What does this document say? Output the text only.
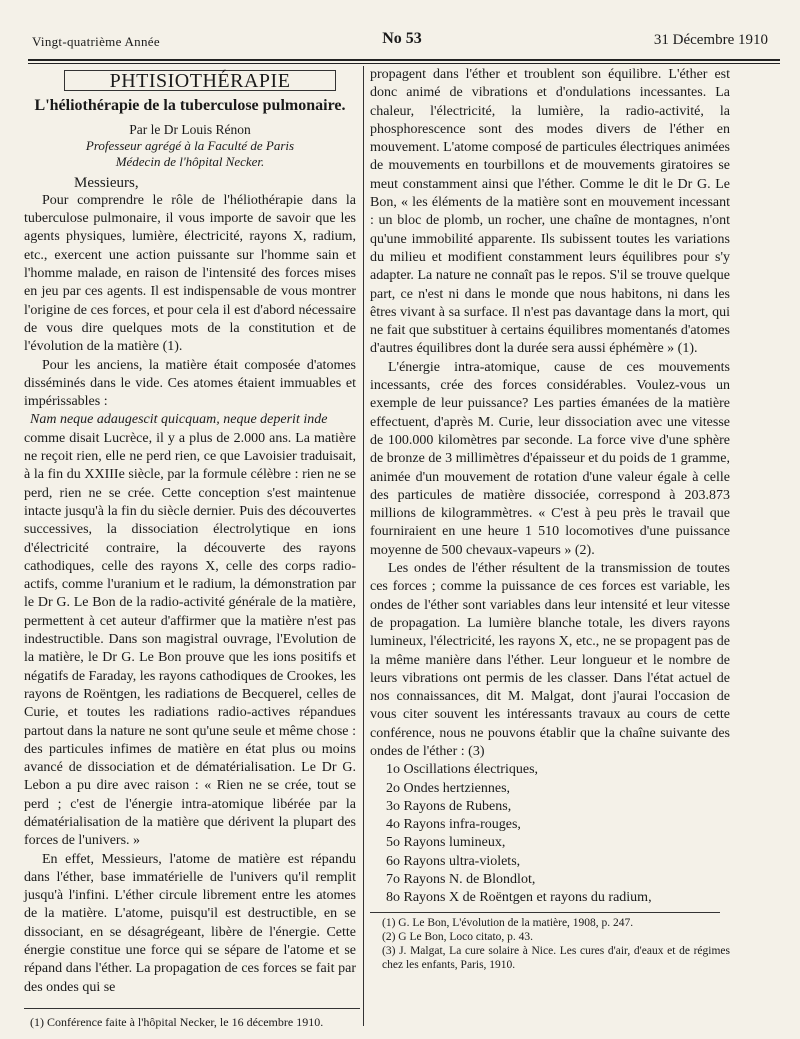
Vingt-quatrième Année	No 53	31 Décembre 1910
PHTISIOTHÉRAPIE
L'héliothérapie de la tuberculose pulmonaire.

Par le Dr Louis Rénon

Professeur agrégé à la Faculté de Paris

Médecin de l'hôpital Necker.

Messieurs,

Pour comprendre le rôle de l'héliothérapie dans la tuberculose pulmonaire, il vous importe de savoir que les agents physiques, lumière, électricité, rayons X, radium, etc., exercent une action puissante sur l'homme sain et l'homme malade, en raison de l'intensité des forces mises en jeu par ces agents. Il est indispensable de vous montrer l'origine de ces forces, et pour cela il est d'abord nécessaire de vous dire quelques mots de la constitution et de l'évolution de la matière (1).

Pour les anciens, la matière était composée d'atomes disséminés dans le vide. Ces atomes étaient immuables et impérissables :

Nam neque adaugescit quicquam, neque deperit inde

comme disait Lucrèce, il y a plus de 2.000 ans. La matière ne reçoit rien, elle ne perd rien, ce que Lavoisier traduisait, à la fin du XXIIIe siècle, par la formule célèbre : rien ne se perd, rien ne se crée. Cette conception s'est maintenue intacte jusqu'à la fin du siècle dernier. Puis des découvertes successives, la dissociation électrolytique en ions d'électricité contraire, la découverte des rayons cathodiques, celle des rayons X, celle des corps radio-actifs, comme l'uranium et le radium, la démonstration par le Dr G. Le Bon de la radio-activité générale de la matière, permettent à cet auteur d'affirmer que la matière n'est pas indestructible. Dans son magistral ouvrage, l'Evolution de la matière, le Dr G. Le Bon prouve que les ions positifs et négatifs de Faraday, les rayons cathodiques de Crookes, les rayons de Roëntgen, les radiations de Becquerel, celles de Curie, et toutes les radiations radio-actives répandues partout dans la nature ne sont qu'une seule et même chose : des particules infimes de matière en état plus ou moins avancé de dissociation et de dématérialisation. Le Dr G. Lebon a pu dire avec raison : « Rien ne se crée, tout se perd ; c'est de l'énergie intra-atomique libérée par la dématérialisation de la matière que dérivent la plupart des forces de l'univers. »

En effet, Messieurs, l'atome de matière est répandu dans l'éther, base immatérielle de l'univers qu'il remplit jusqu'à l'infini. L'éther circule librement entre les atomes de la matière. L'atome, puisqu'il est destructible, en se dissociant, en se désagrégeant, libère de l'énergie. Cette énergie constitue une force qui se sépare de l'atome et se répand dans l'éther. La propagation de ces forces se fait par des ondes qui se

(1) Conférence faite à l'hôpital Necker, le 16 décembre 1910.

propagent dans l'éther et troublent son équilibre. L'éther est donc animé de vibrations et d'ondulations incessantes. La chaleur, l'électricité, la lumière, la radio-activité, la phosphorescence sont des modes divers de l'éther en mouvement. L'atome composé de particules électriques animées de mouvements en tourbillons et de mouvements giratoires se meut constamment ainsi que l'éther. Comme le dit le Dr G. Le Bon, « les éléments de la matière sont en mouvement incessant : un bloc de plomb, un rocher, une chaîne de montagnes, n'ont qu'une immobilité apparente. Ils subissent toutes les variations du milieu et modifient constamment leurs équilibres pour s'y adapter. La nature ne connaît pas le repos. S'il se trouve quelque part, ce n'est ni dans le monde que nous habitons, ni dans les êtres vivant à sa surface. Il n'est pas davantage dans la mort, qui ne fait que substituer à certains équilibres momentanés d'atomes d'autres équilibres dont la durée sera aussi éphémère » (1).

L'énergie intra-atomique, cause de ces mouvements incessants, crée des forces considérables. Voulez-vous un exemple de leur puissance? Les parties émanées de la matière effectuent, d'après M. Curie, leur dissociation avec une vitesse de 100.000 kilomètres par seconde. La force vive d'une sphère de bronze de 3 millimètres d'épaisseur et du poids de 1 gramme, animée d'un mouvement de rotation d'une valeur égale à celle des particules de matière dissociée, correspond à 203.873 millions de kilogrammètres. « C'est à peu près le travail que fourniraient en une heure 1 510 locomotives d'une puissance moyenne de 500 chevaux-vapeurs » (2).

Les ondes de l'éther résultent de la transmission de toutes ces forces ; comme la puissance de ces forces est variable, les ondes de l'éther sont variables dans leur intensité et leur vitesse de propagation. La lumière blanche totale, les divers rayons lumineux, l'électricité, les rayons X, etc., ne se propagent pas de la même manière dans l'éther. Leur longueur et le nombre de leurs vibrations ont permis de les classer. Dans l'état actuel de nos connaissances, dit M. Malgat, dont j'aurai l'occasion de vous citer souvent les intéressants travaux au cours de cette conférence, nous ne pouvons établir que la chaîne suivante des ondes de l'éther : (3)

1o Oscillations électriques,
2o Ondes hertziennes,
3o Rayons de Rubens,
4o Rayons infra-rouges,
5o Rayons lumineux,
6o Rayons ultra-violets,
7o Rayons N. de Blondlot,
8o Rayons X de Roëntgen et rayons du radium,
(1) G. Le Bon, L'évolution de la matière, 1908, p. 247.
(2) G Le Bon, Loco citato, p. 43.
(3) J. Malgat, La cure solaire à Nice. Les cures d'air, d'eaux et de régimes chez les enfants, Paris, 1910.
